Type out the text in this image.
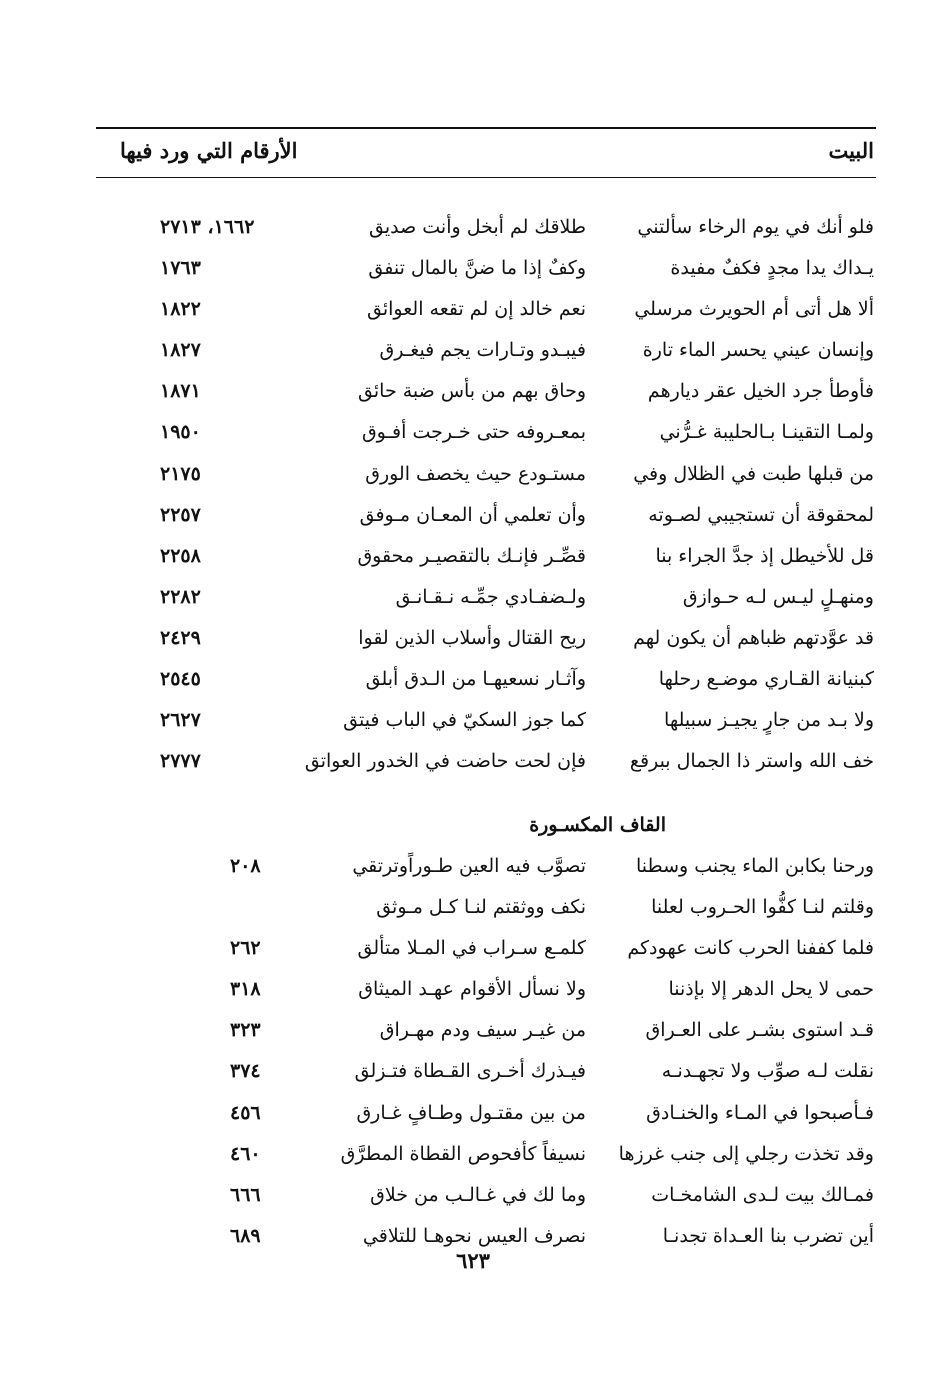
البيت
الأرقام التي ورد فيها
فلو أنك في يوم الرخاء سألتني
طلاقك لم أبخل وأنت صديق
١٦٦٢، ٢٧١٣
يـداك يدا مجدٍ فكفٌ مفيدة
وكفٌ إذا ما ضنَّ بالمال تنفق
١٧٦٣
ألا هل أتى أم الحويرث مرسلي
نعم خالد إن لم تقعه العوائق
١٨٢٢
وإنسان عيني يحسر الماء تارة
فيبـدو وتـارات يجم فيغـرق
١٨٢٧
فأوطأ جرد الخيل عقر ديارهم
وحاق بهم من بأس ضبة حائق
١٨٧١
ولمـا التقينـا بـالحليبة غـرُّني
بمعـروفه حتى خـرجت أفـوق
١٩٥٠
من قبلها طبت في الظلال وفي
مستـودع حيث يخصف الورق
٢١٧٥
لمحقوقة أن تستجيبي لصـوته
وأن تعلمي أن المعـان مـوفق
٢٢٥٧
قل للأخيطل إذ جدَّ الجراء بنا
قصِّـر فإنـك بالتقصيـر محقوق
٢٢٥٨
ومنهـلٍ ليـس لـه حـوازق
ولـضفـادي جمِّـه نـقـانـق
٢٢٨٢
قد عوَّدتهم ظباهم أن يكون لهم
ريح القتال وأسلاب الذين لقوا
٢٤٢٩
كبنيانة القـاري موضـع رحلها
وآثـار نسعيهـا من الـدق أبلق
٢٥٤٥
ولا بـد من جارٍ يجيـز سبيلها
كما جوز السكيّ في الباب فيتق
٢٦٢٧
خف الله واستر ذا الجمال ببرقع
فإن لحت حاضت في الخدور العواتق
٢٧٧٧
القاف المكسـورة
ورحنا بكابن الماء يجنب وسطنا
تصوَّب فيه العين طـوراًوترتقي
٢٠٨
وقلتم لنـا كفُّوا الحـروب لعلنا
نكف ووثقتم لنـا كـل مـوثق
فلما كففنا الحرب كانت عهودكم
كلمـع سـراب في المـلا متألق
٢٦٢
حمى لا يحل الدهر إلا بإذننا
ولا نسأل الأقوام عهـد الميثاق
٣١٨
قـد استوى بشـر على العـراق
من غيـر سيف ودم مهـراق
٣٢٣
نقلت لـه صوِّب ولا تجهـدنـه
فيـذرك أخـرى القـطاة فتـزلق
٣٧٤
فـأصبحوا في المـاء والخنـادق
من بين مقتـول وطـافٍ غـارق
٤٥٦
وقد تخذت رجلي إلى جنب غرزها
نسيفاً كأفحوص القطاة المطرَّق
٤٦٠
فمـالك بيت لـدى الشامخـات
وما لك في غـالـب من خلاق
٦٦٦
أين تضرب بنا العـداة تجدنـا
نصرف العيس نحوهـا للتلاقي
٦٨٩
٦٢٣
